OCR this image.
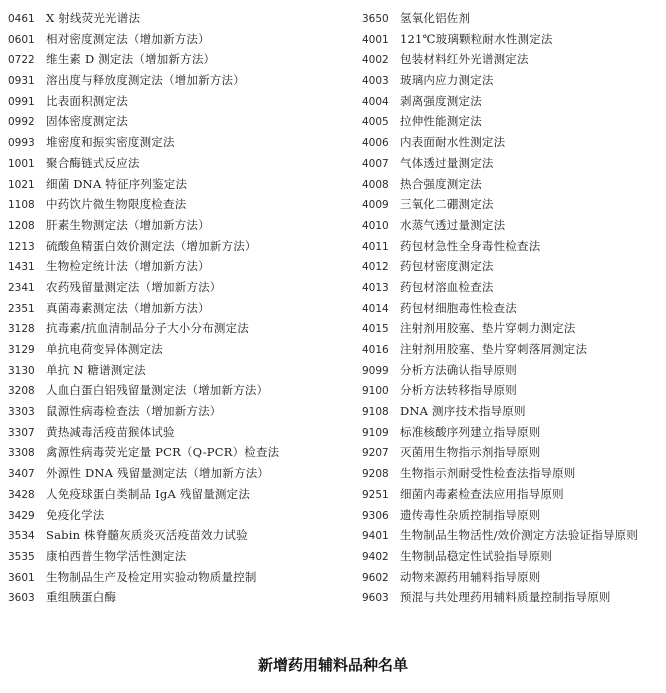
0461 X 射线荧光光谱法
0601 相对密度测定法（增加新方法）
0722 维生素 D 测定法（增加新方法）
0931 溶出度与释放度测定法（增加新方法）
0991 比表面积测定法
0992 固体密度测定法
0993 堆密度和振实密度测定法
1001 聚合酶链式反应法
1021 细菌 DNA 特征序列鉴定法
1108 中药饮片微生物限度检查法
1208 肝素生物测定法（增加新方法）
1213 硫酸鱼精蛋白效价测定法（增加新方法）
1431 生物检定统计法（增加新方法）
2341 农药残留量测定法（增加新方法）
2351 真菌毒素测定法（增加新方法）
3128 抗毒素/抗血清制品分子大小分布测定法
3129 单抗电荷变异体测定法
3130 单抗 N 糖谱测定法
3208 人血白蛋白铝残留量测定法（增加新方法）
3303 鼠源性病毒检查法（增加新方法）
3307 黄热减毒活疫苗猴体试验
3308 禽源性病毒荧光定量 PCR（Q-PCR）检查法
3407 外源性 DNA 残留量测定法（增加新方法）
3428 人免疫球蛋白类制品 IgA 残留量测定法
3429 免疫化学法
3534 Sabin 株脊髓灰质炎灭活疫苗效力试验
3535 康柏西普生物学活性测定法
3601 生物制品生产及检定用实验动物质量控制
3603 重组胰蛋白酶
3650 氢氧化铝佐剂
4001 121℃玻璃颗粒耐水性测定法
4002 包装材料红外光谱测定法
4003 玻璃内应力测定法
4004 剥离强度测定法
4005 拉伸性能测定法
4006 内表面耐水性测定法
4007 气体透过量测定法
4008 热合强度测定法
4009 三氧化二硼测定法
4010 水蒸气透过量测定法
4011 药包材急性全身毒性检查法
4012 药包材密度测定法
4013 药包材溶血检查法
4014 药包材细胞毒性检查法
4015 注射剂用胶塞、垫片穿刺力测定法
4016 注射剂用胶塞、垫片穿刺落屑测定法
9099 分析方法确认指导原则
9100 分析方法转移指导原则
9108 DNA 测序技术指导原则
9109 标准核酸序列建立指导原则
9207 灭菌用生物指示剂指导原则
9208 生物指示剂耐受性检查法指导原则
9251 细菌内毒素检查法应用指导原则
9306 遗传毒性杂质控制指导原则
9401 生物制品生物活性/效价测定方法验证指导原则
9402 生物制品稳定性试验指导原则
9602 动物来源药用辅料指导原则
9603 预混与共处理药用辅料质量控制指导原则
新增药用辅料品种名单
